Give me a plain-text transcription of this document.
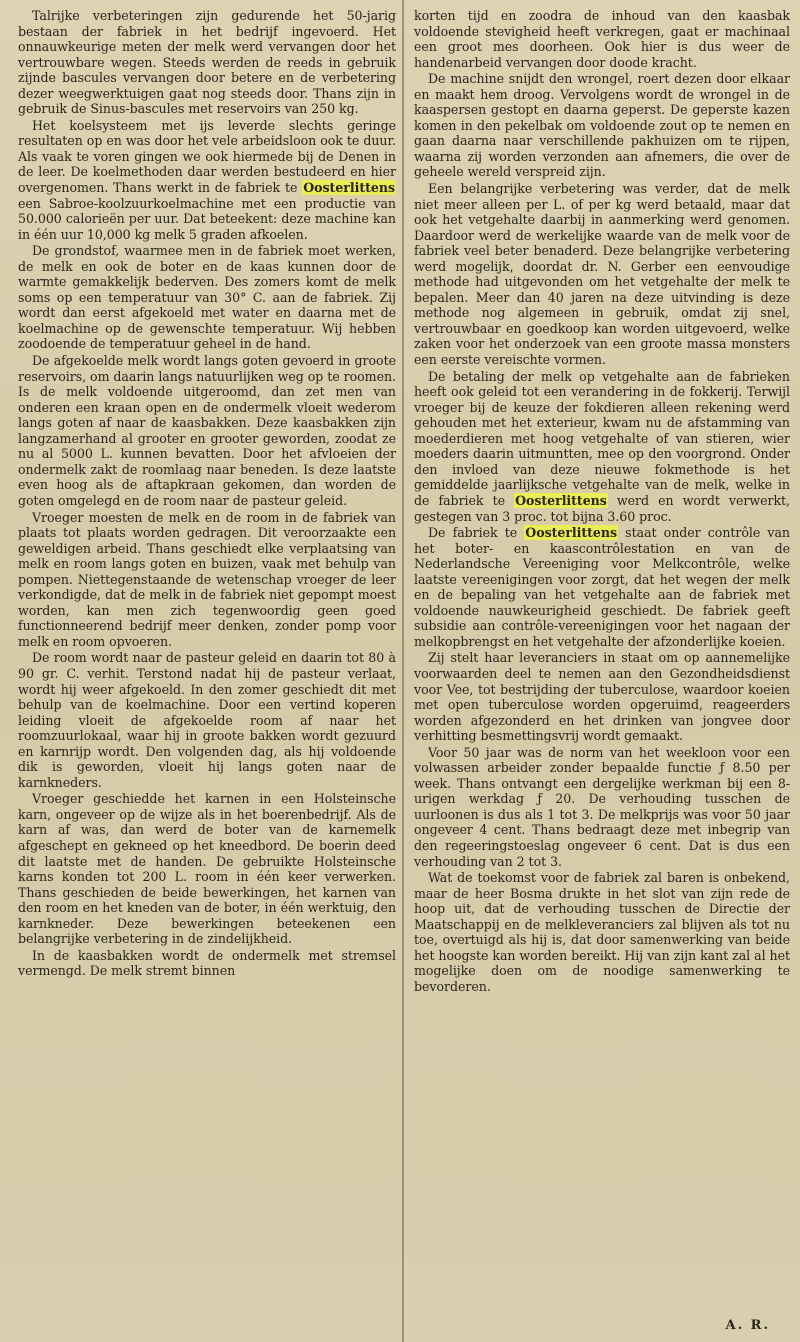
Talrijke verbeteringen zijn gedurende het 50-jarig bestaan der fabriek in het bedrijf ingevoerd. Het onnauwkeurige meten der melk werd vervangen door het vertrouwbare wegen. Steeds werden de reeds in gebruik zijnde bascules vervangen door betere en de verbetering dezer weegwerktuigen gaat nog steeds door. Thans zijn in gebruik de Sinus-bascules met reservoirs van 250 kg.

Het koelsysteem met ijs leverde slechts geringe resultaten op en was door het vele arbeidsloon ook te duur. Als vaak te voren gingen we ook hiermede bij de Denen in de leer. De koelmethoden daar werden bestudeerd en hier overgenomen. Thans werkt in de fabriek te Oosterlittens een Sabroe-koolzuurkoelmachine met een productie van 50.000 calorieën per uur. Dat beteekent: deze machine kan in één uur 10,000 kg melk 5 graden afkoelen.

De grondstof, waarmee men in de fabriek moet werken, de melk en ook de boter en de kaas kunnen door de warmte gemakkelijk bederven. Des zomers komt de melk soms op een temperatuur van 30° C. aan de fabriek. Zij wordt dan eerst afgekoeld met water en daarna met de koelmachine op de gewenschte temperatuur. Wij hebben zoodoende de temperatuur geheel in de hand.

De afgekoelde melk wordt langs goten gevoerd in groote reservoirs, om daarin langs natuurlijken weg op te roomen. Is de melk voldoende uitgeroomd, dan zet men van onderen een kraan open en de ondermelk vloeit wederom langs goten af naar de kaasbakken. Deze kaasbakken zijn langzamerhand al grooter en grooter geworden, zoodat ze nu al 5000 L. kunnen bevatten. Door het afvloeien der ondermelk zakt de roomlaag naar beneden. Is deze laatste even hoog als de aftapkraan gekomen, dan worden de goten omgelegd en de room naar de pasteur geleid.

Vroeger moesten de melk en de room in de fabriek van plaats tot plaats worden gedragen. Dit veroorzaakte een geweldigen arbeid. Thans geschiedt elke verplaatsing van melk en room langs goten en buizen, vaak met behulp van pompen. Niettegenstaande de wetenschap vroeger de leer verkondigde, dat de melk in de fabriek niet gepompt moest worden, kan men zich tegenwoordig geen goed functionneerend bedrijf meer denken, zonder pomp voor melk en room opvoeren.

De room wordt naar de pasteur geleid en daarin tot 80 à 90 gr. C. verhit. Terstond nadat hij de pasteur verlaat, wordt hij weer afgekoeld. In den zomer geschiedt dit met behulp van de koelmachine. Door een vertind koperen leiding vloeit de afgekoelde room af naar het roomzuurlokaal, waar hij in groote bakken wordt gezuurd en karnrijp wordt. Den volgenden dag, als hij voldoende dik is geworden, vloeit hij langs goten naar de karnkneders.

Vroeger geschiedde het karnen in een Holsteinsche karn, ongeveer op de wijze als in het boerenbedrijf. Als de karn af was, dan werd de boter van de karnemelk afgeschept en gekneed op het kneedbord. De boerin deed dit laatste met de handen. De gebruikte Holsteinsche karns konden tot 200 L. room in één keer verwerken. Thans geschieden de beide bewerkingen, het karnen van den room en het kneden van de boter, in één werktuig, den karnkneder. Deze bewerkingen beteekenen een belangrijke verbetering in de zindelijkheid.

In de kaasbakken wordt de ondermelk met stremsel vermengd. De melk stremt binnen

korten tijd en zoodra de inhoud van den kaasbak voldoende stevigheid heeft verkregen, gaat er machinaal een groot mes doorheen. Ook hier is dus weer de handenarbeid vervangen door doode kracht.

De machine snijdt den wrongel, roert dezen door elkaar en maakt hem droog. Vervolgens wordt de wrongel in de kaaspersen gestopt en daarna geperst. De geperste kazen komen in den pekelbak om voldoende zout op te nemen en gaan daarna naar verschillende pakhuizen om te rijpen, waarna zij worden verzonden aan afnemers, die over de geheele wereld verspreid zijn.

Een belangrijke verbetering was verder, dat de melk niet meer alleen per L. of per kg werd betaald, maar dat ook het vetgehalte daarbij in aanmerking werd genomen. Daardoor werd de werkelijke waarde van de melk voor de fabriek veel beter benaderd. Deze belangrijke verbetering werd mogelijk, doordat dr. N. Gerber een eenvoudige methode had uitgevonden om het vetgehalte der melk te bepalen. Meer dan 40 jaren na deze uitvinding is deze methode nog algemeen in gebruik, omdat zij snel, vertrouwbaar en goedkoop kan worden uitgevoerd, welke zaken voor het onderzoek van een groote massa monsters een eerste vereischte vormen.

De betaling der melk op vetgehalte aan de fabrieken heeft ook geleid tot een verandering in de fokkerij. Terwijl vroeger bij de keuze der fokdieren alleen rekening werd gehouden met het exterieur, kwam nu de afstamming van moederdieren met hoog vetgehalte of van stieren, wier moeders daarin uitmuntten, mee op den voorgrond. Onder den invloed van deze nieuwe fokmethode is het gemiddelde jaarlijksche vetgehalte van de melk, welke in de fabriek te Oosterlittens werd en wordt verwerkt, gestegen van 3 proc. tot bijna 3.60 proc.

De fabriek te Oosterlittens staat onder contrôle van het boter- en kaascontrôlestation en van de Nederlandsche Vereeniging voor Melkcontrôle, welke laatste vereenigingen voor zorgt, dat het wegen der melk en de bepaling van het vetgehalte aan de fabriek met voldoende nauwkeurigheid geschiedt. De fabriek geeft subsidie aan contrôle-vereenigingen voor het nagaan der melkopbrengst en het vetgehalte der afzonderlijke koeien.

Zij stelt haar leveranciers in staat om op aannemelijke voorwaarden deel te nemen aan den Gezondheidsdienst voor Vee, tot bestrijding der tuberculose, waardoor koeien met open tuberculose worden opgeruimd, reageerders worden afgezonderd en het drinken van jongvee door verhitting besmettingsvrij wordt gemaakt.

Voor 50 jaar was de norm van het weekloon voor een volwassen arbeider zonder bepaalde functie ƒ 8.50 per week. Thans ontvangt een dergelijke werkman bij een 8-urigen werkdag ƒ 20. De verhouding tusschen de uurloonen is dus als 1 tot 3. De melkprijs was voor 50 jaar ongeveer 4 cent. Thans bedraagt deze met inbegrip van den regeeringstoeslag ongeveer 6 cent. Dat is dus een verhouding van 2 tot 3.

Wat de toekomst voor de fabriek zal baren is onbekend, maar de heer Bosma drukte in het slot van zijn rede de hoop uit, dat de verhouding tusschen de Directie der Maatschappij en de melkleveranciers zal blijven als tot nu toe, overtuigd als hij is, dat door samenwerking van beide het hoogste kan worden bereikt. Hij van zijn kant zal al het mogelijke doen om de noodige samenwerking te bevorderen.

A. R.
